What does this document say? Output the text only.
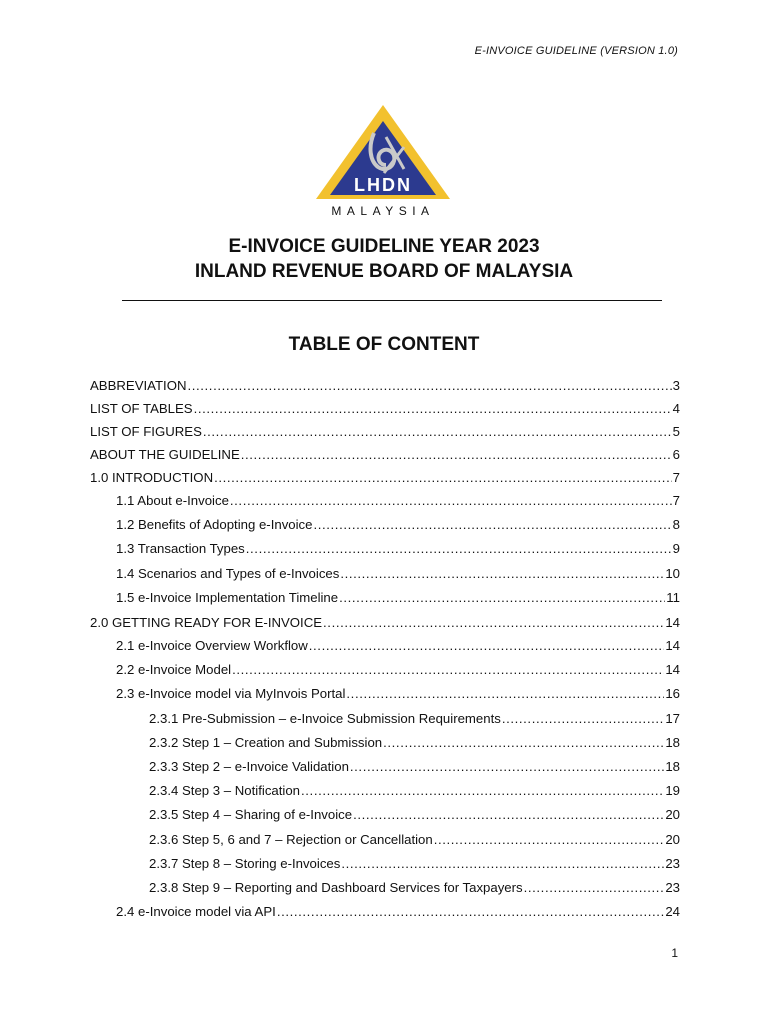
E-INVOICE GUIDELINE (VERSION 1.0)
LHDN
MALAYSIA
E-INVOICE GUIDELINE YEAR 2023
INLAND REVENUE BOARD OF MALAYSIA
TABLE OF CONTENT
ABBREVIATION .....	3
LIST OF TABLES .....	4
LIST OF FIGURES .....	5
ABOUT THE GUIDELINE .....	6
1.0 INTRODUCTION .....	7
1.1 About e-Invoice .....	7
1.2 Benefits of Adopting e-Invoice .....	8
1.3 Transaction Types .....	9
1.4 Scenarios and Types of e-Invoices .....	10
1.5 e-Invoice Implementation Timeline .....	11
2.0 GETTING READY FOR E-INVOICE .....	14
2.1 e-Invoice Overview Workflow .....	14
2.2 e-Invoice Model .....	14
2.3 e-Invoice model via MyInvois Portal .....	16
2.3.1 Pre-Submission – e-Invoice Submission Requirements .....	17
2.3.2 Step 1 – Creation and Submission .....	18
2.3.3 Step 2 – e-Invoice Validation .....	18
2.3.4 Step 3 – Notification .....	19
2.3.5 Step 4 – Sharing of e-Invoice .....	20
2.3.6 Step 5, 6 and 7 – Rejection or Cancellation .....	20
2.3.7 Step 8 – Storing e-Invoices .....	23
2.3.8 Step 9 – Reporting and Dashboard Services for Taxpayers .....	23
2.4 e-Invoice model via API .....	24
1
